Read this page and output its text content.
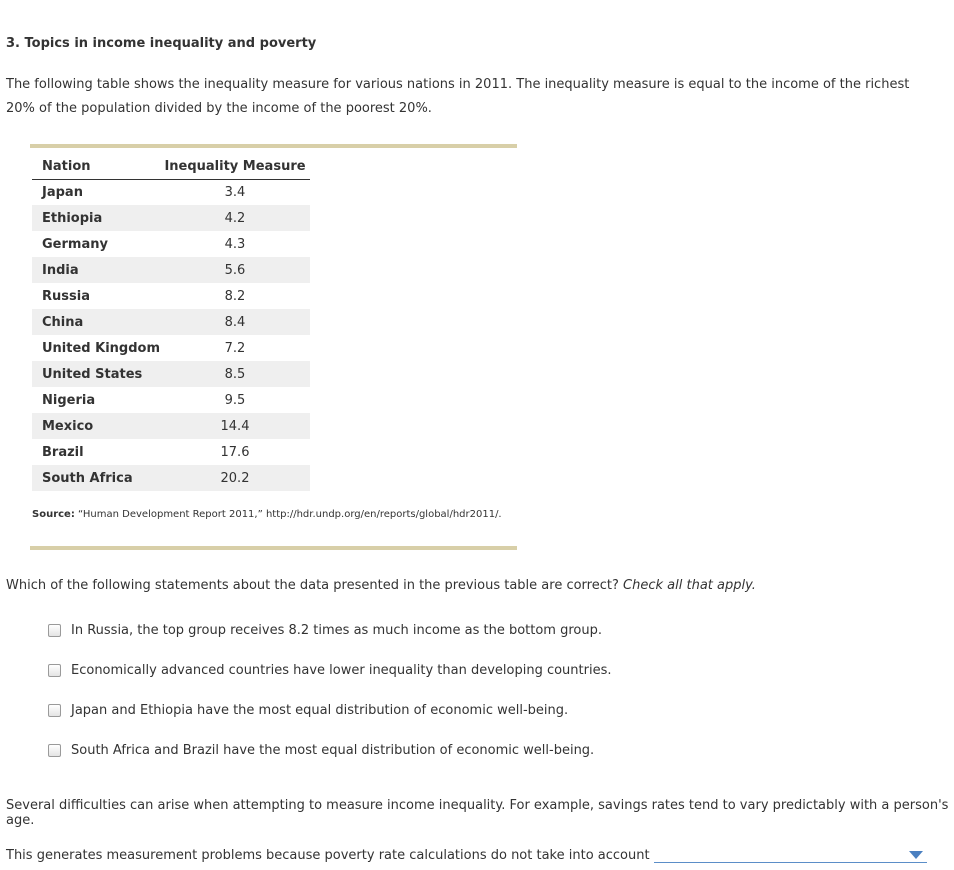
3. Topics in income inequality and poverty
The following table shows the inequality measure for various nations in 2011. The inequality measure is equal to the income of the richest 20% of the population divided by the income of the poorest 20%.
Nation	Inequality Measure
Japan	3.4
Ethiopia	4.2
Germany	4.3
India	5.6
Russia	8.2
China	8.4
United Kingdom	7.2
United States	8.5
Nigeria	9.5
Mexico	14.4
Brazil	17.6
South Africa	20.2
Source: “Human Development Report 2011,” http://hdr.undp.org/en/reports/global/hdr2011/.
Which of the following statements about the data presented in the previous table are correct? Check all that apply.
In Russia, the top group receives 8.2 times as much income as the bottom group.
Economically advanced countries have lower inequality than developing countries.
Japan and Ethiopia have the most equal distribution of economic well-being.
South Africa and Brazil have the most equal distribution of economic well-being.
Several difficulties can arise when attempting to measure income inequality. For example, savings rates tend to vary predictably with a person's age.
This generates measurement problems because poverty rate calculations do not take into account
